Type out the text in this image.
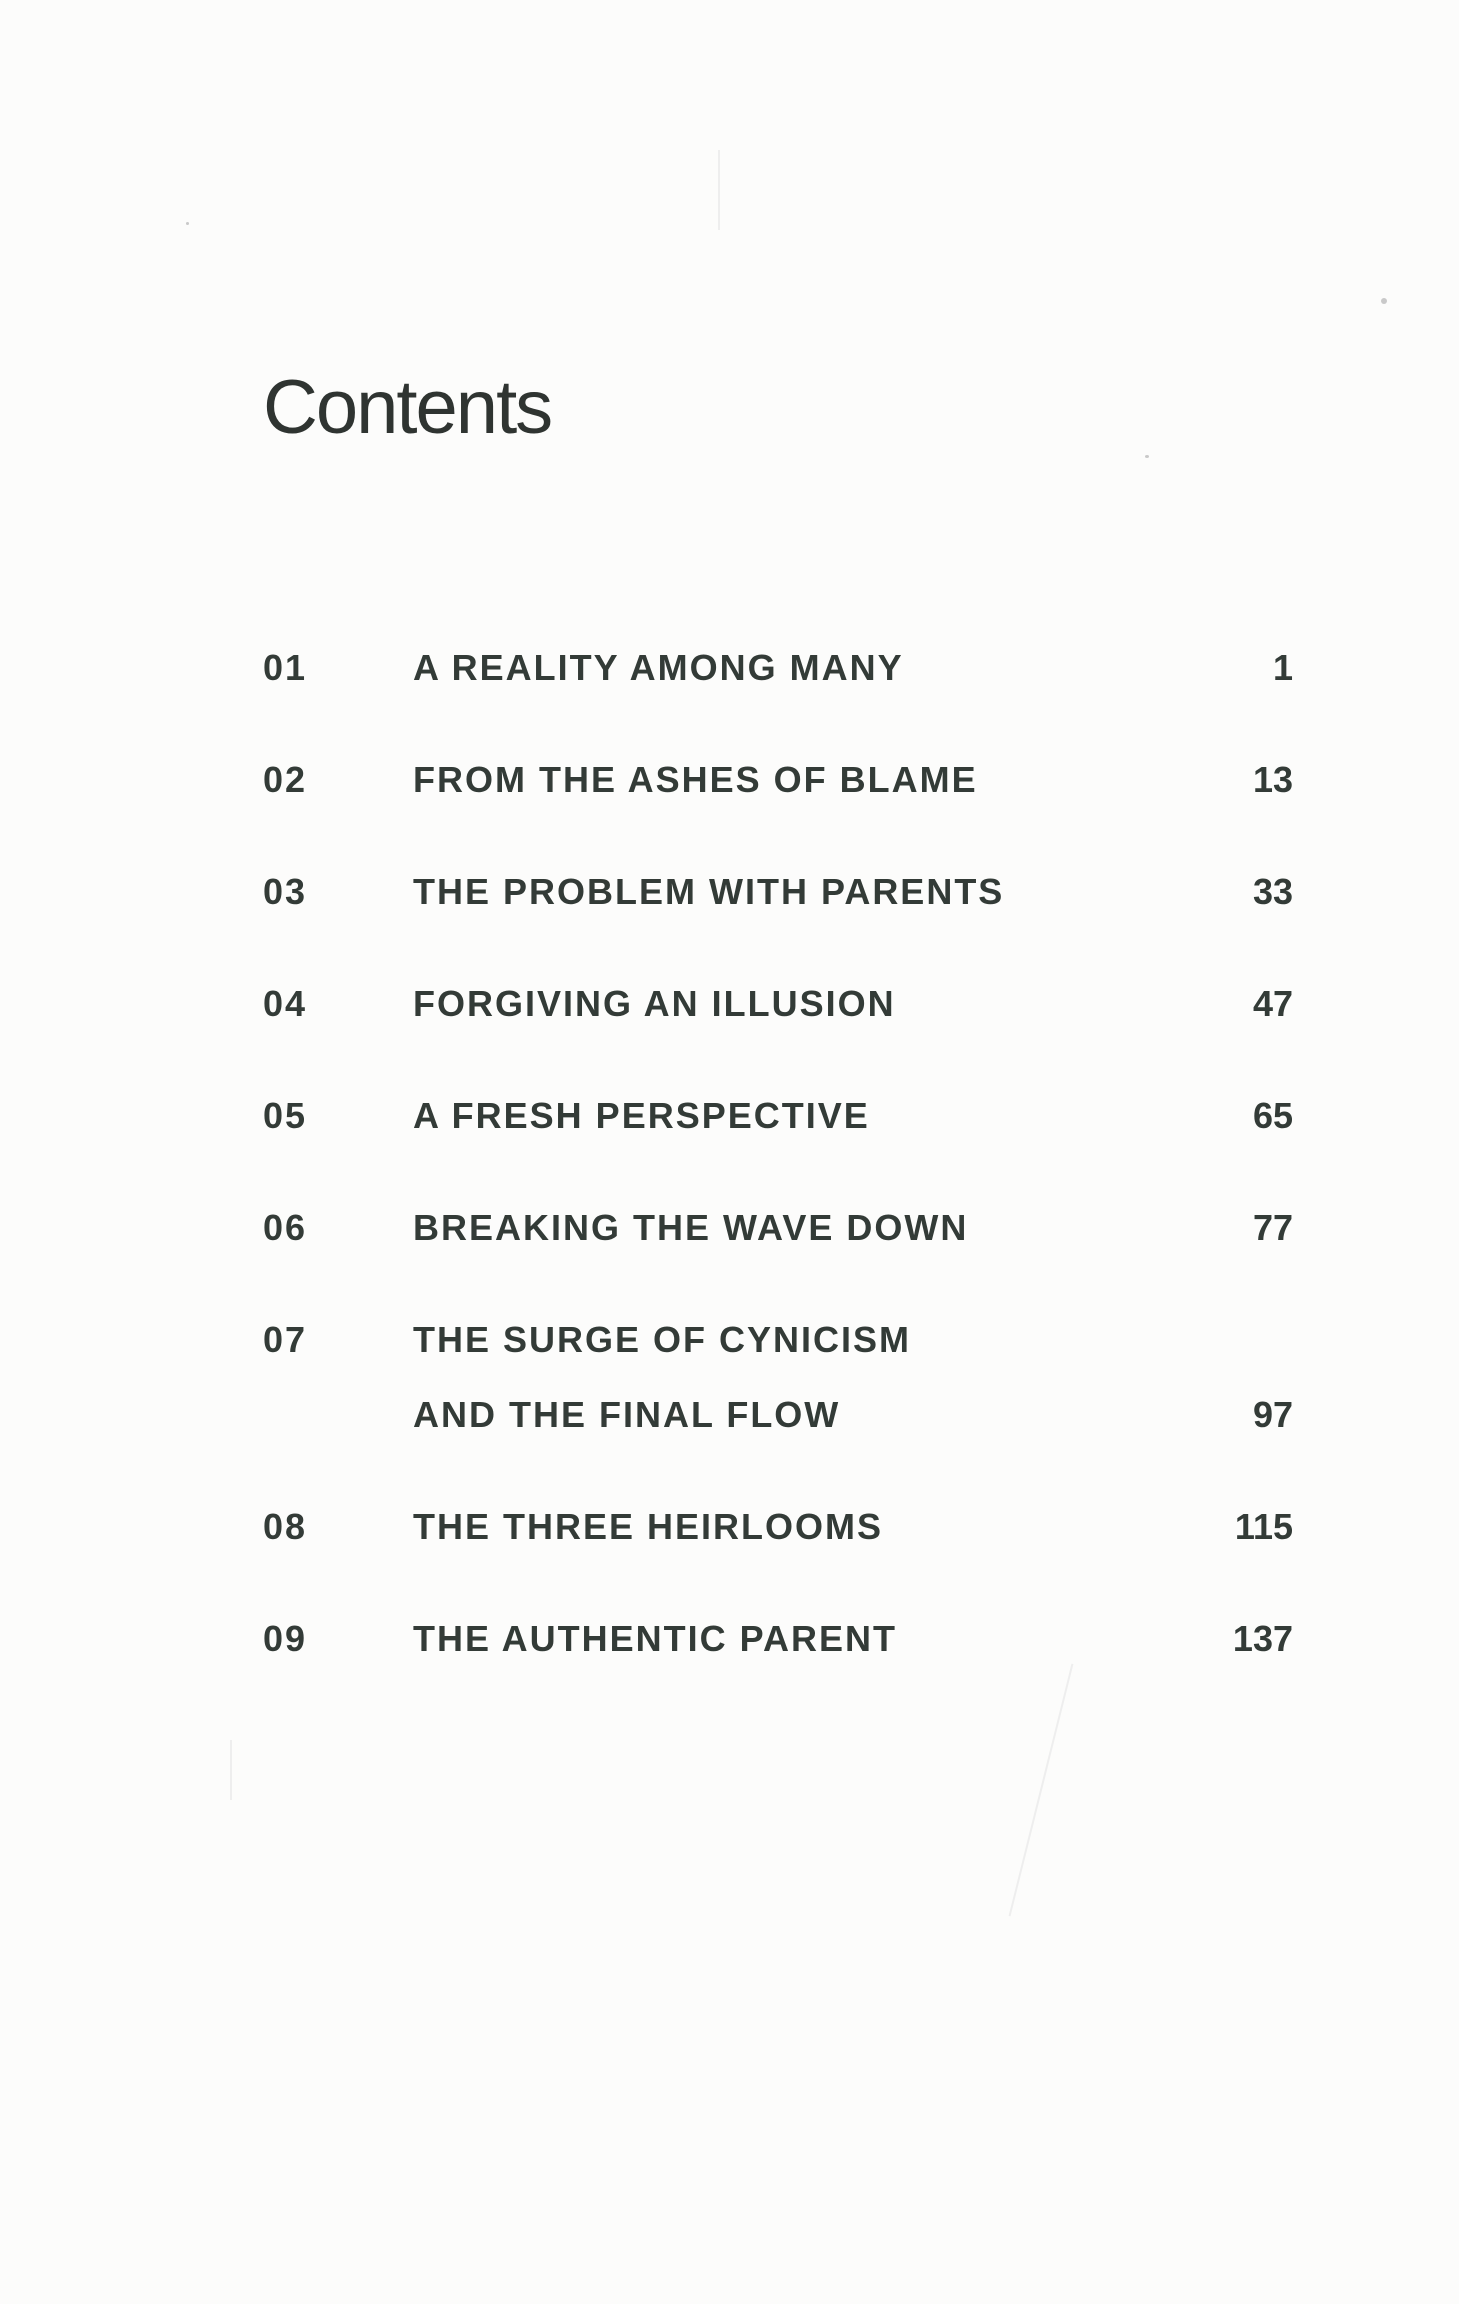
Contents
01	A REALITY AMONG MANY	1
02	FROM THE ASHES OF BLAME	13
03	THE PROBLEM WITH PARENTS	33
04	FORGIVING AN ILLUSION	47
05	A FRESH PERSPECTIVE	65
06	BREAKING THE WAVE DOWN	77
07	THE SURGE OF CYNICISM
AND THE FINAL FLOW	97
08	THE THREE HEIRLOOMS	115
09	THE AUTHENTIC PARENT	137
